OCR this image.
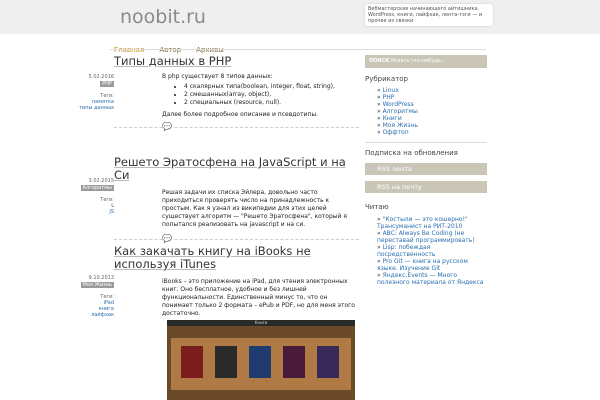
noobit.ru	Вебмастерская начинающего айтишника.
WordPress, книги, лайфхак, лента-тэги — и прочее из связки
Главная Автор Архивы
Типы данных в PHP
5.02.2016
PHP
Теги:
памятка
типы данных
В php существует 8 типов данных:
• 4 скалярных типа(boolean, integer, float, string),
• 2 смешанных(array, object),
• 2 специальных (resource, null).
Далее более подробное описание и псевдотипы.
💬
Решето Эратосфена на JavaScript и на Си
3.02.2015
Алгоритмы
Теги:
L
JS
Решая задачи их списка Эйлера, довольно часто приходиться проверять число на принадлежность к простым. Как я узнал из википедии для этих целей существует алгоритм — "Решето Эратосфена", который я попытался реализовать на javascript и на си.
💬
Как закачать книгу на iBooks не используя iTunes
9.10.2013
Моя Жизнь
Теги:
iPad
книга
лайфхак
iBooks – это приложение на iPad, для чтения электронных книг. Оно бесплатное, удобное и без лишней функциональности. Единственный минус то, что он понимает только 2 формата – ePub и PDF, но для меня этого достаточно.
Книги
ПОИСК Искать что-нибудь...
Рубрикатор
» Linux
» PHP
» WordPress
» Алгоритмы
» Книги
» Моя Жизнь
» Оффтоп
Подписка на обновления
RSS лента
RSS на почту
Читаю
» "Костыли — это кошерно!" Трансуманист на РИТ-2010
» ABC: Always Be Coding (не переставай программировать)
» Lisp: побеждая посредственность
» Pro Git — книга на русском языке. Изучение Git
» Яндекс.Events — Много полезного материала от Яндекса
